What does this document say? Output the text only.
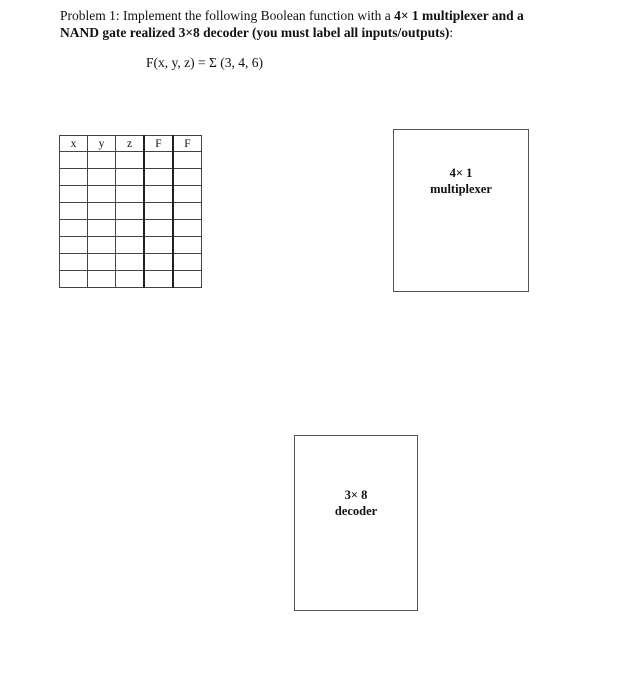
Problem 1: Implement the following Boolean function with a 4× 1 multiplexer and a
NAND gate realized 3×8 decoder (you must label all inputs/outputs):
F(x, y, z) = Σ (3, 4, 6)
x	y	z	F	F

4× 1
multiplexer
3× 8
decoder
